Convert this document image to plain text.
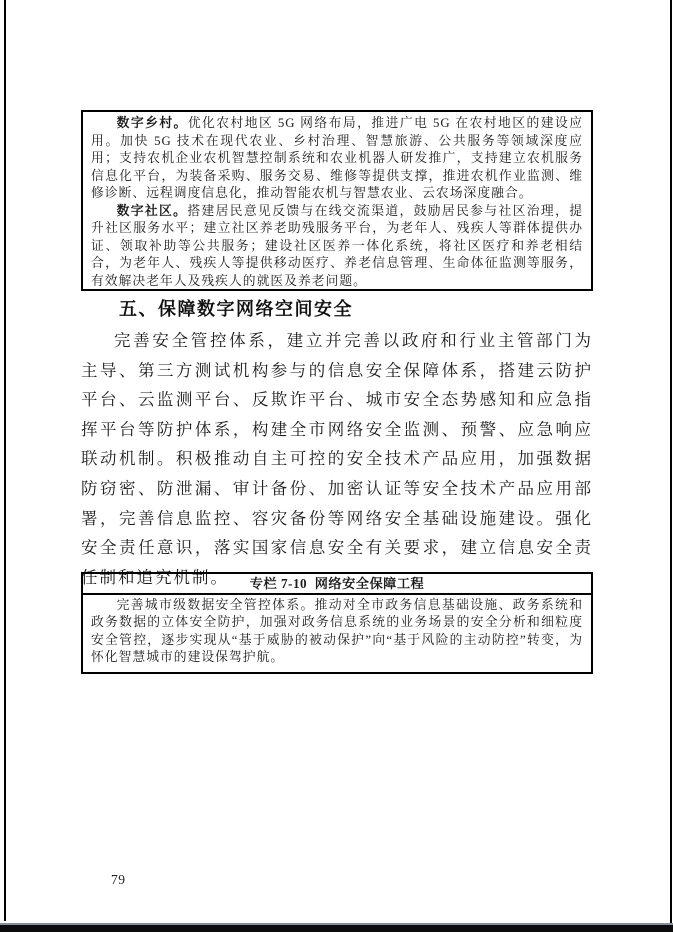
数字乡村。优化农村地区 5G 网络布局，推进广电 5G 在农村地区的建设应用。加快 5G 技术在现代农业、乡村治理、智慧旅游、公共服务等领域深度应用；支持农机企业农机智慧控制系统和农业机器人研发推广，支持建立农机服务信息化平台，为装备采购、服务交易、维修等提供支撑，推进农机作业监测、维修诊断、远程调度信息化，推动智能农机与智慧农业、云农场深度融合。

数字社区。搭建居民意见反馈与在线交流渠道，鼓励居民参与社区治理，提升社区服务水平；建立社区养老助残服务平台，为老年人、残疾人等群体提供办证、领取补助等公共服务；建设社区医养一体化系统，将社区医疗和养老相结合，为老年人、残疾人等提供移动医疗、养老信息管理、生命体征监测等服务，有效解决老年人及残疾人的就医及养老问题。

五、保障数字网络空间安全

完善安全管控体系，建立并完善以政府和行业主管部门为主导、第三方测试机构参与的信息安全保障体系，搭建云防护平台、云监测平台、反欺诈平台、城市安全态势感知和应急指挥平台等防护体系，构建全市网络安全监测、预警、应急响应联动机制。积极推动自主可控的安全技术产品应用，加强数据防窃密、防泄漏、审计备份、加密认证等安全技术产品应用部署，完善信息监控、容灾备份等网络安全基础设施建设。强化安全责任意识，落实国家信息安全有关要求，建立信息安全责任制和追究机制。	专栏 7-10  网络安全保障工程

完善城市级数据安全管控体系。推动对全市政务信息基础设施、政务系统和政务数据的立体安全防护，加强对政务信息系统的业务场景的安全分析和细粒度安全管控，逐步实现从“基于威胁的被动保护”向“基于风险的主动防控”转变，为怀化智慧城市的建设保驾护航。

79
